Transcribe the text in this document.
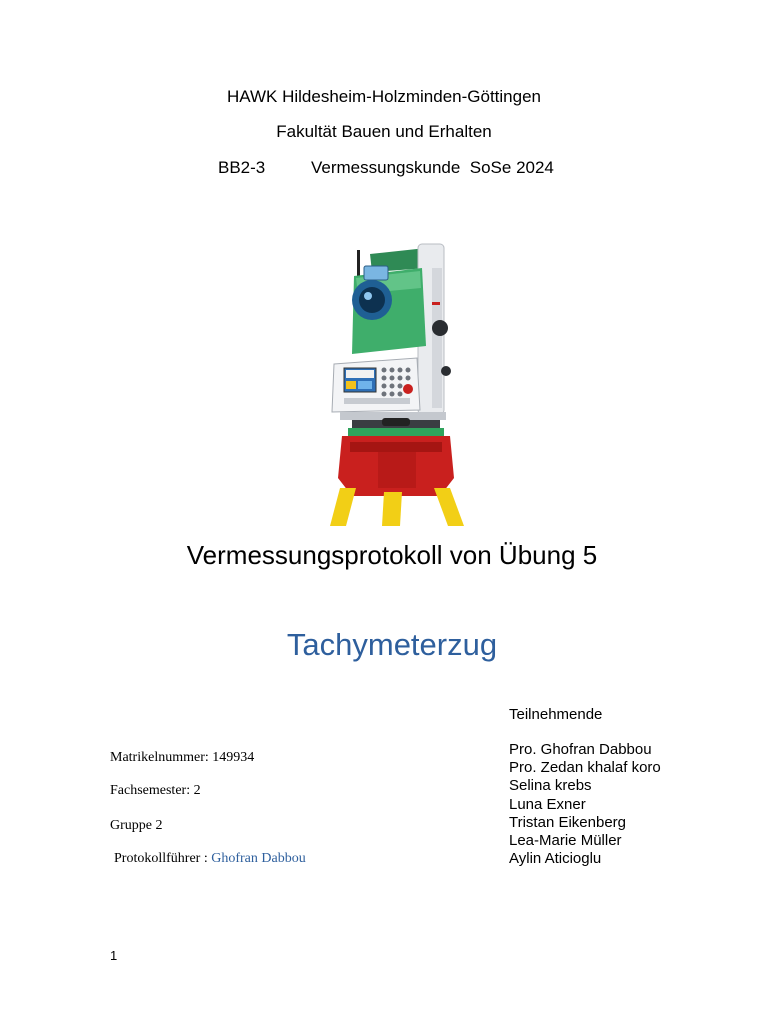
HAWK Hildesheim-Holzminden-Göttingen
Fakultät Bauen und Erhalten
BB2-3	Vermessungskunde  SoSe 2024
Vermessungsprotokoll von Übung 5
Tachymeterzug
Matrikelnummer: 149934
Fachsemester: 2
Gruppe 2
Protokollführer : Ghofran Dabbou
Teilnehmende
Pro. Ghofran Dabbou
Pro. Zedan khalaf koro
Selina krebs
Luna Exner
Tristan Eikenberg
Lea-Marie Müller
Aylin Aticioglu
1
